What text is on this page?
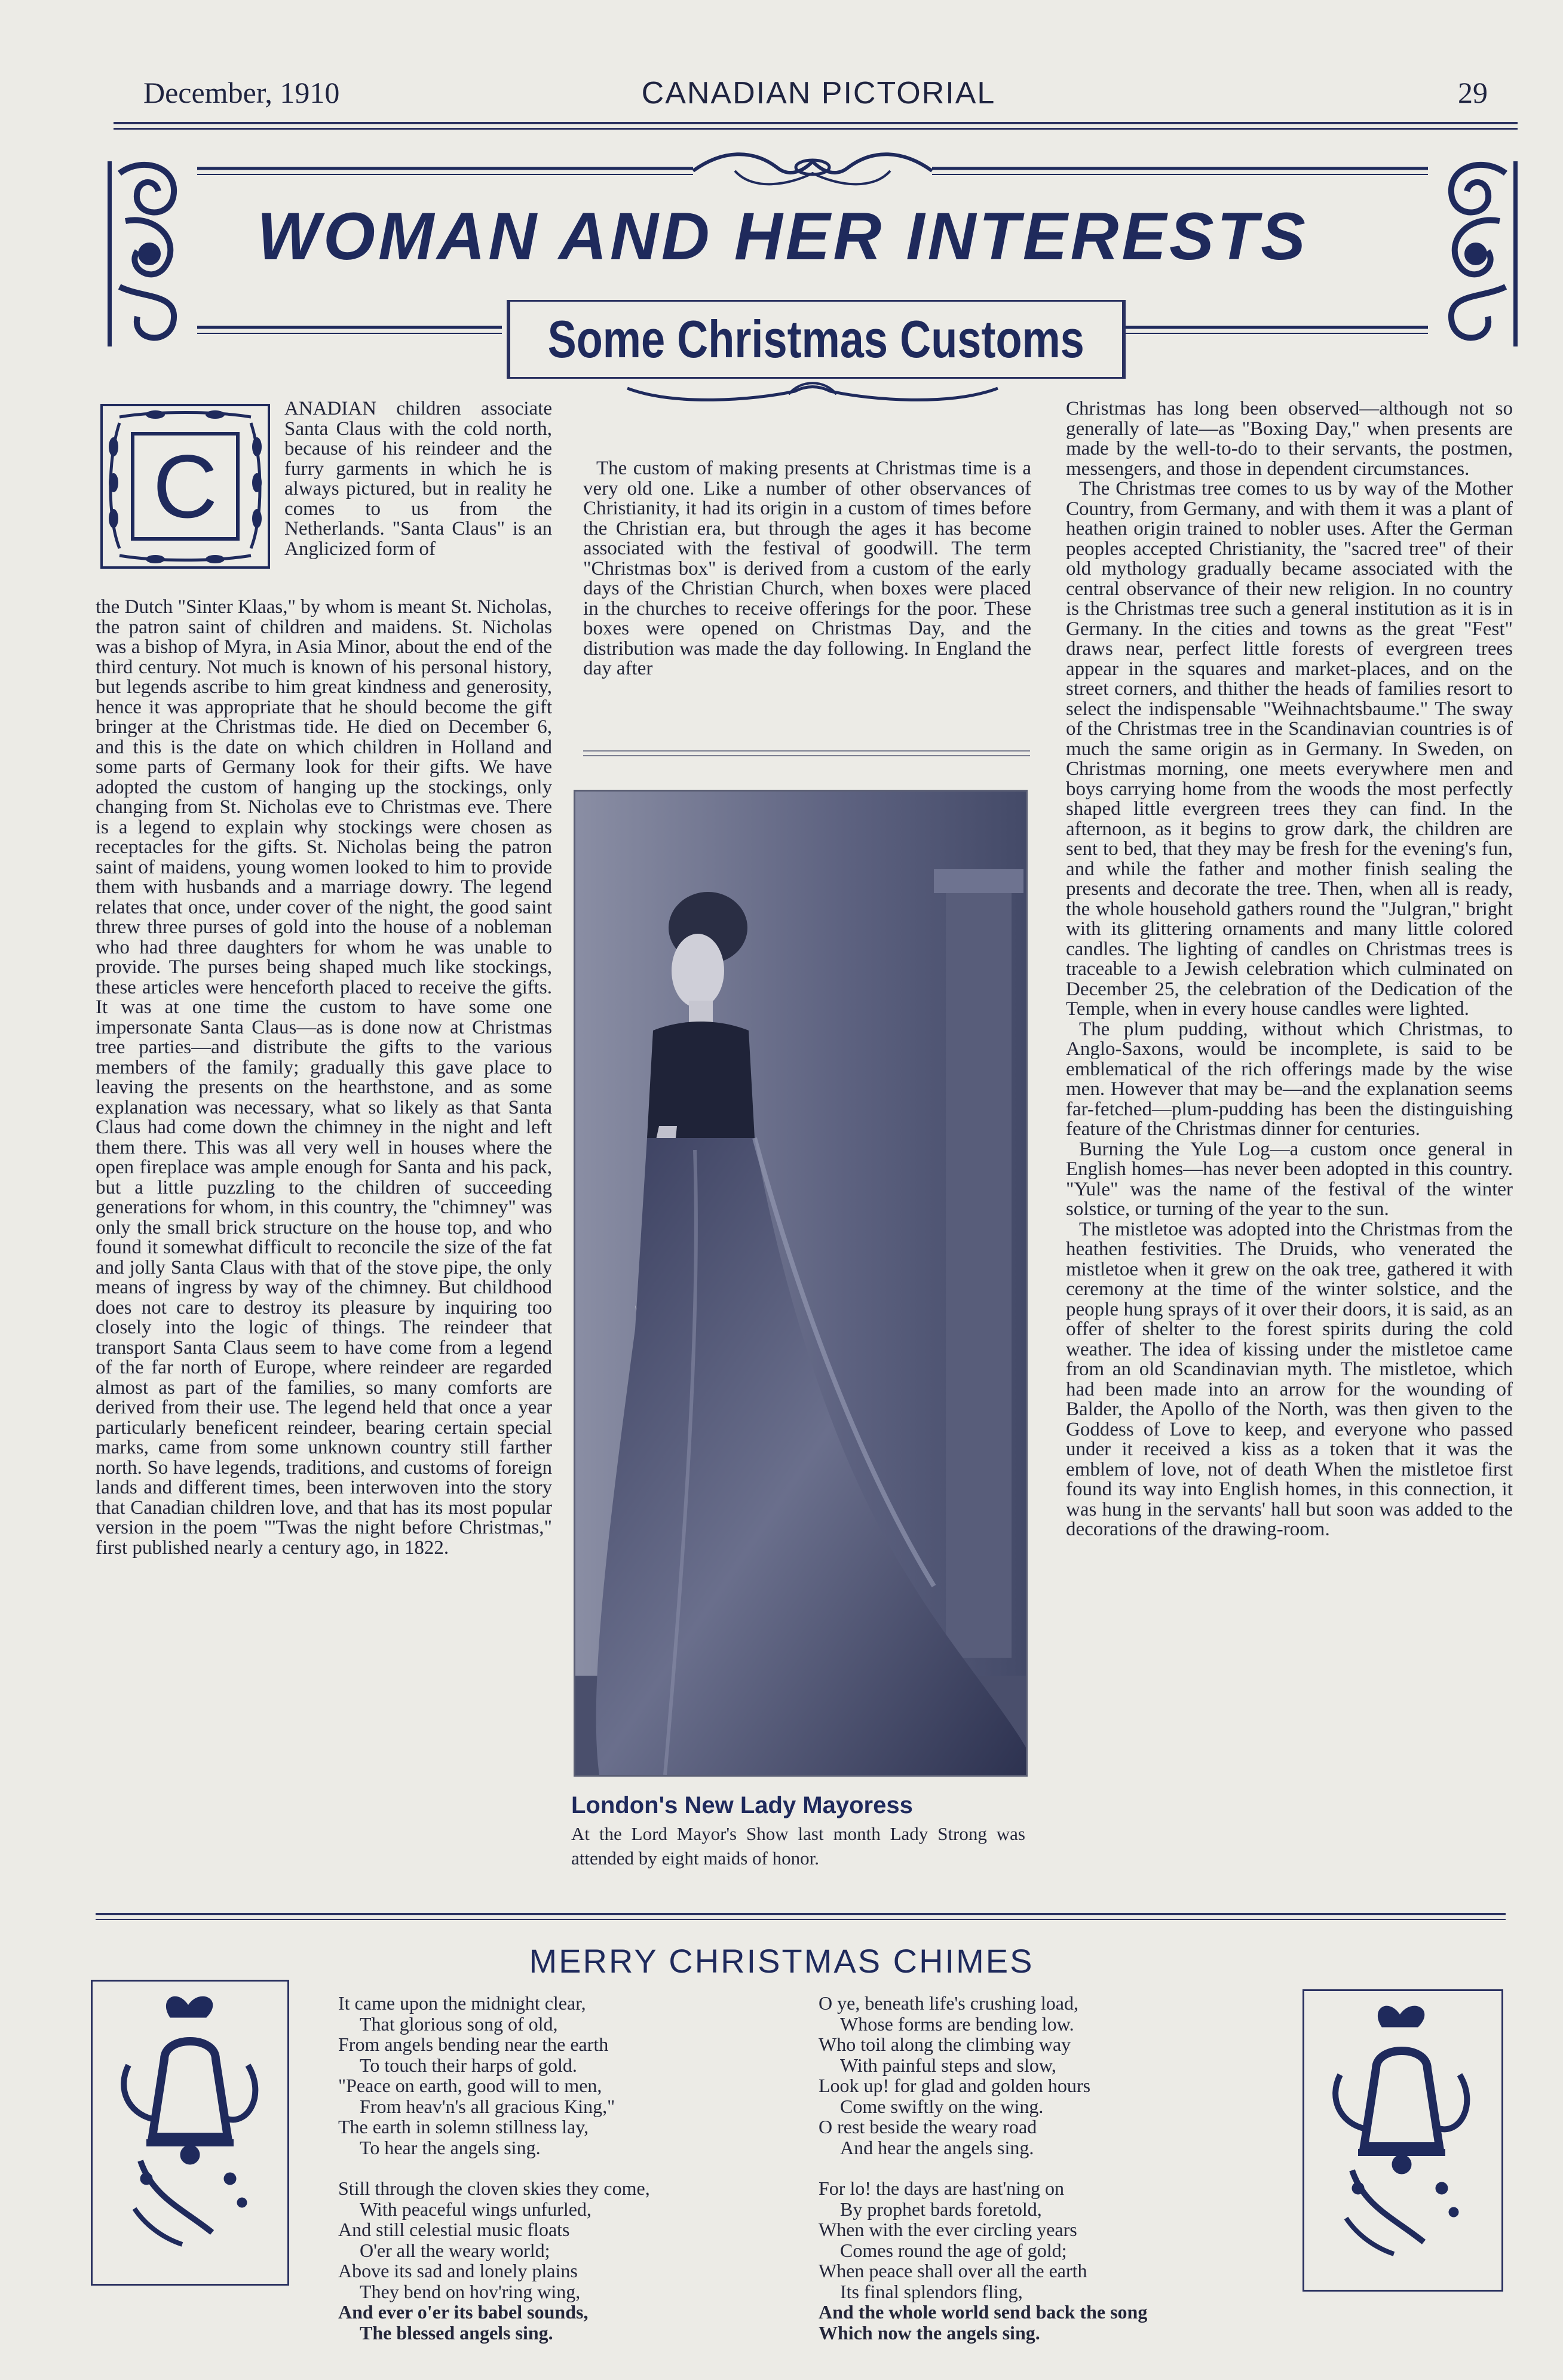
December, 1910	CANADIAN PICTORIAL	29
WOMAN AND HER INTERESTS
Some Christmas Customs
C

ANADIAN children associate Santa Claus with the cold north, because of his reindeer and the furry garments in which he is always pictured, but in reality he comes to us from the Netherlands. "Santa Claus" is an Anglicized form of

the Dutch "Sinter Klaas," by whom is meant St. Nicholas, the patron saint of children and maidens. St. Nicholas was a bishop of Myra, in Asia Minor, about the end of the third century. Not much is known of his personal history, but legends ascribe to him great kindness and generosity, hence it was appropriate that he should become the gift bringer at the Christmas tide. He died on December 6, and this is the date on which children in Holland and some parts of Germany look for their gifts. We have adopted the custom of hanging up the stockings, only changing from St. Nicholas eve to Christmas eve. There is a legend to explain why stockings were chosen as receptacles for the gifts. St. Nicholas being the patron saint of maidens, young women looked to him to provide them with husbands and a marriage dowry. The legend relates that once, under cover of the night, the good saint threw three purses of gold into the house of a nobleman who had three daughters for whom he was unable to provide. The purses being shaped much like stockings, these articles were henceforth placed to receive the gifts. It was at one time the custom to have some one impersonate Santa Claus—as is done now at Christmas tree parties—and distribute the gifts to the various members of the family; gradually this gave place to leaving the presents on the hearthstone, and as some explanation was necessary, what so likely as that Santa Claus had come down the chimney in the night and left them there. This was all very well in houses where the open fireplace was ample enough for Santa and his pack, but a little puzzling to the children of succeeding generations for whom, in this country, the "chimney" was only the small brick structure on the house top, and who found it somewhat difficult to reconcile the size of the fat and jolly Santa Claus with that of the stove pipe, the only means of ingress by way of the chimney. But childhood does not care to destroy its pleasure by inquiring too closely into the logic of things. The reindeer that transport Santa Claus seem to have come from a legend of the far north of Europe, where reindeer are regarded almost as part of the families, so many comforts are derived from their use. The legend held that once a year particularly beneficent reindeer, bearing certain special marks, came from some unknown country still farther north. So have legends, traditions, and customs of foreign lands and different times, been interwoven into the story that Canadian children love, and that has its most popular version in the poem "'Twas the night before Christmas," first published nearly a century ago, in 1822.

The custom of making presents at Christmas time is a very old one. Like a number of other observances of Christianity, it had its origin in a custom of times before the Christian era, but through the ages it has become associated with the festival of goodwill. The term "Christmas box" is derived from a custom of the early days of the Christian Church, when boxes were placed in the churches to receive offerings for the poor. These boxes were opened on Christmas Day, and the distribution was made the day following. In England the day after

London's New Lady Mayoress
At the Lord Mayor's Show last month Lady Strong was attended by eight maids of honor.

Christmas has long been observed—although not so generally of late—as "Boxing Day," when presents are made by the well-to-do to their servants, the postmen, messengers, and those in dependent circumstances.

The Christmas tree comes to us by way of the Mother Country, from Germany, and with them it was a plant of heathen origin trained to nobler uses. After the German peoples accepted Christianity, the "sacred tree" of their old mythology gradually became associated with the central observance of their new religion. In no country is the Christmas tree such a general institution as it is in Germany. In the cities and towns as the great "Fest" draws near, perfect little forests of evergreen trees appear in the squares and market-places, and on the street corners, and thither the heads of families resort to select the indispensable "Weihnachtsbaume." The sway of the Christmas tree in the Scandinavian countries is of much the same origin as in Germany. In Sweden, on Christmas morning, one meets everywhere men and boys carrying home from the woods the most perfectly shaped little evergreen trees they can find. In the afternoon, as it begins to grow dark, the children are sent to bed, that they may be fresh for the evening's fun, and while the father and mother finish sealing the presents and decorate the tree. Then, when all is ready, the whole household gathers round the "Julgran," bright with its glittering ornaments and many little colored candles. The lighting of candles on Christmas trees is traceable to a Jewish celebration which culminated on December 25, the celebration of the Dedication of the Temple, when in every house candles were lighted.

The plum pudding, without which Christmas, to Anglo-Saxons, would be incomplete, is said to be emblematical of the rich offerings made by the wise men. However that may be—and the explanation seems far-fetched—plum-pudding has been the distinguishing feature of the Christmas dinner for centuries.

Burning the Yule Log—a custom once general in English homes—has never been adopted in this country. "Yule" was the name of the festival of the winter solstice, or turning of the year to the sun.

The mistletoe was adopted into the Christmas from the heathen festivities. The Druids, who venerated the mistletoe when it grew on the oak tree, gathered it with ceremony at the time of the winter solstice, and the people hung sprays of it over their doors, it is said, as an offer of shelter to the forest spirits during the cold weather. The idea of kissing under the mistletoe came from an old Scandinavian myth. The mistletoe, which had been made into an arrow for the wounding of Balder, the Apollo of the North, was then given to the Goddess of Love to keep, and everyone who passed under it received a kiss as a token that it was the emblem of love, not of death When the mistletoe first found its way into English homes, in this connection, it was hung in the servants' hall but soon was added to the decorations of the drawing-room.

MERRY CHRISTMAS CHIMES
It came upon the midnight clear,
That glorious song of old,
From angels bending near the earth
To touch their harps of gold.
"Peace on earth, good will to men,
From heav'n's all gracious King,"
The earth in solemn stillness lay,
To hear the angels sing.
Still through the cloven skies they come,
With peaceful wings unfurled,
And still celestial music floats
O'er all the weary world;
Above its sad and lonely plains
They bend on hov'ring wing,
And ever o'er its babel sounds,
The blessed angels sing.
O ye, beneath life's crushing load,
Whose forms are bending low.
Who toil along the climbing way
With painful steps and slow,
Look up! for glad and golden hours
Come swiftly on the wing.
O rest beside the weary road
And hear the angels sing.
For lo! the days are hast'ning on
By prophet bards foretold,
When with the ever circling years
Comes round the age of gold;
When peace shall over all the earth
Its final splendors fling,
And the whole world send back the song
Which now the angels sing.
